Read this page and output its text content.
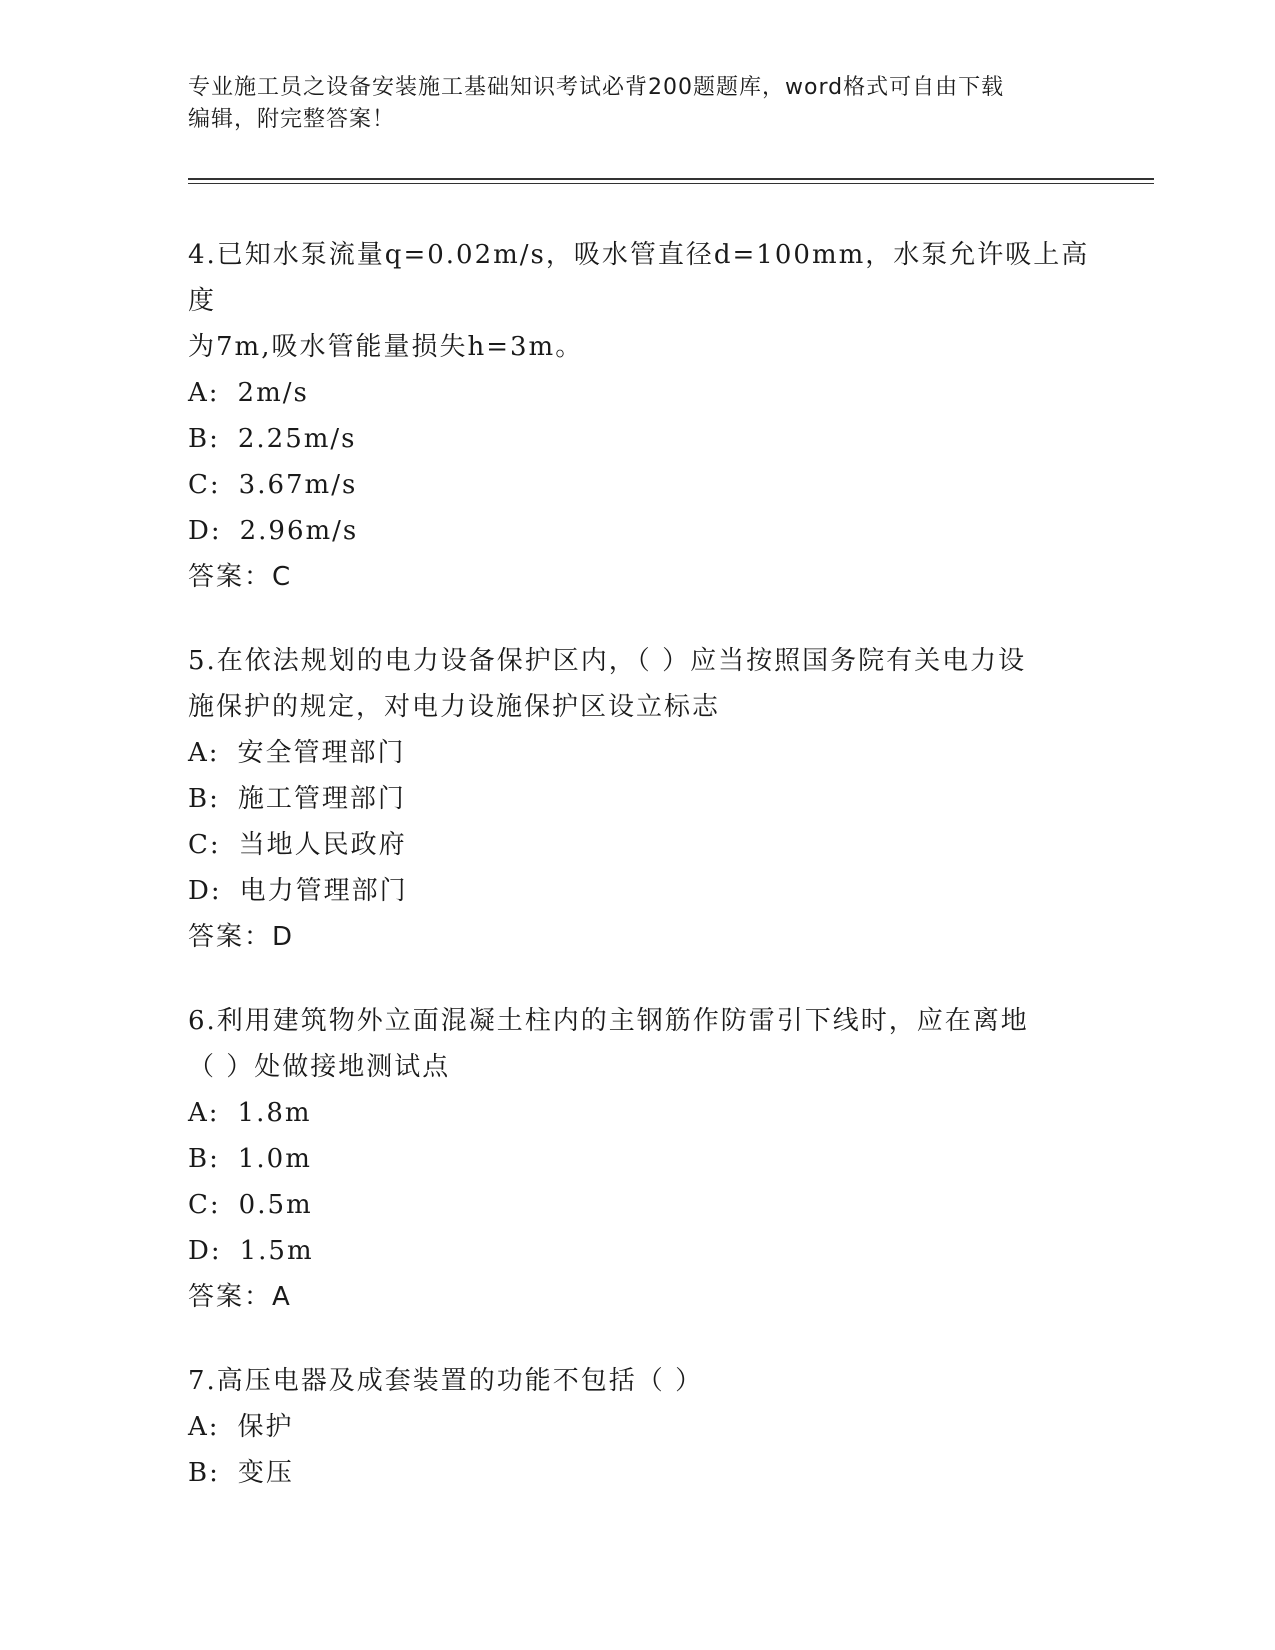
专业施工员之设备安装施工基础知识考试必背200题题库，word格式可自由下载
编辑，附完整答案！

4.已知水泵流量q=0.02m/s，吸水管直径d=100mm，水泵允许吸上高度

为7m,吸水管能量损失h=3m。

A: 2m/s

B: 2.25m/s

C: 3.67m/s

D: 2.96m/s

答案：C

5.在依法规划的电力设备保护区内，（ ）应当按照国务院有关电力设

施保护的规定，对电力设施保护区设立标志

A: 安全管理部门

B: 施工管理部门

C: 当地人民政府

D: 电力管理部门

答案：D

6.利用建筑物外立面混凝土柱内的主钢筋作防雷引下线时，应在离地

（ ）处做接地测试点

A: 1.8m

B: 1.0m

C: 0.5m

D: 1.5m

答案：A

7.高压电器及成套装置的功能不包括（ ）

A: 保护

B: 变压
